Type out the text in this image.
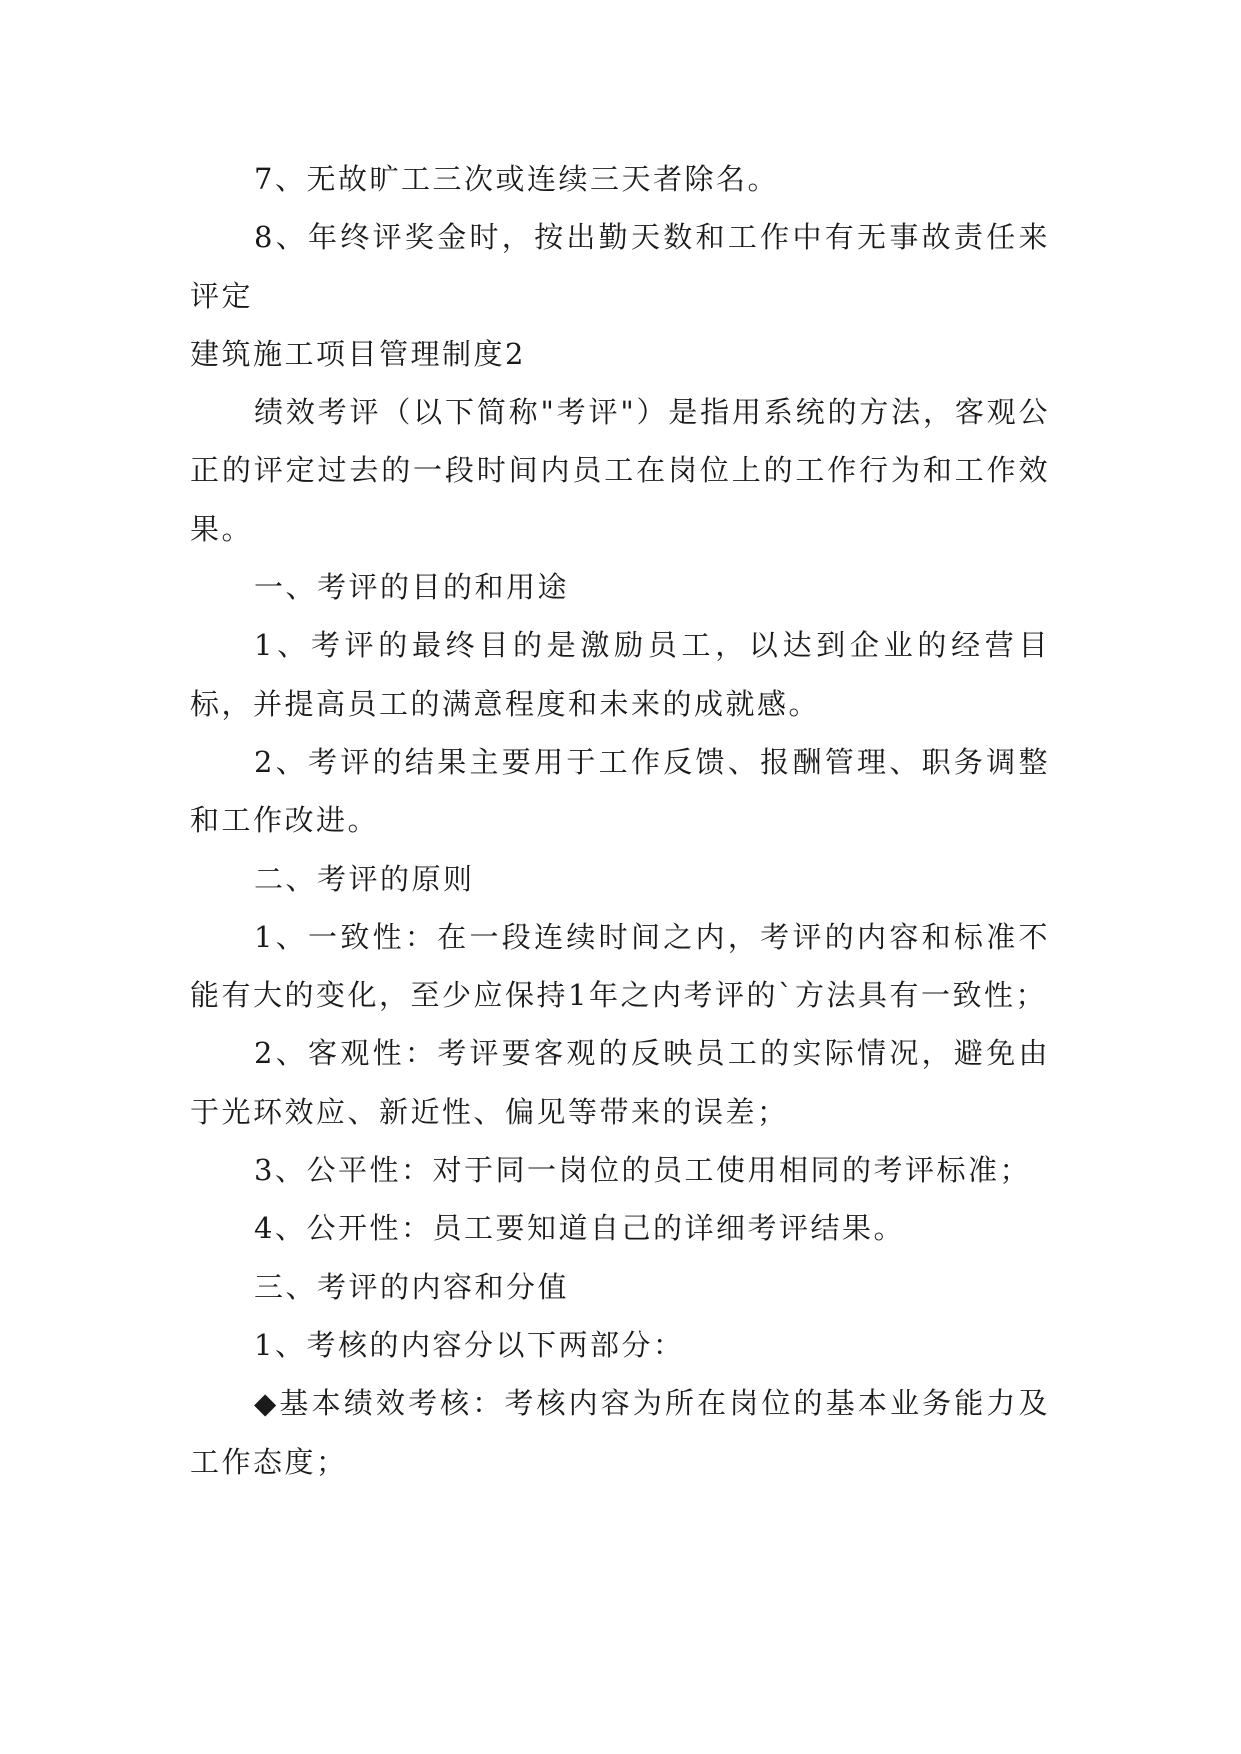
7、无故旷工三次或连续三天者除名。

8、年终评奖金时，按出勤天数和工作中有无事故责任来评定

建筑施工项目管理制度2

绩效考评（以下简称"考评"）是指用系统的方法，客观公正的评定过去的一段时间内员工在岗位上的工作行为和工作效果。

一、考评的目的和用途

1、考评的最终目的是激励员工，以达到企业的经营目标，并提高员工的满意程度和未来的成就感。

2、考评的结果主要用于工作反馈、报酬管理、职务调整和工作改进。

二、考评的原则

1、一致性：在一段连续时间之内，考评的内容和标准不能有大的变化，至少应保持1年之内考评的`方法具有一致性；

2、客观性：考评要客观的反映员工的实际情况，避免由于光环效应、新近性、偏见等带来的误差；

3、公平性：对于同一岗位的员工使用相同的考评标准；

4、公开性：员工要知道自己的详细考评结果。

三、考评的内容和分值

1、考核的内容分以下两部分：

◆基本绩效考核：考核内容为所在岗位的基本业务能力及工作态度；
